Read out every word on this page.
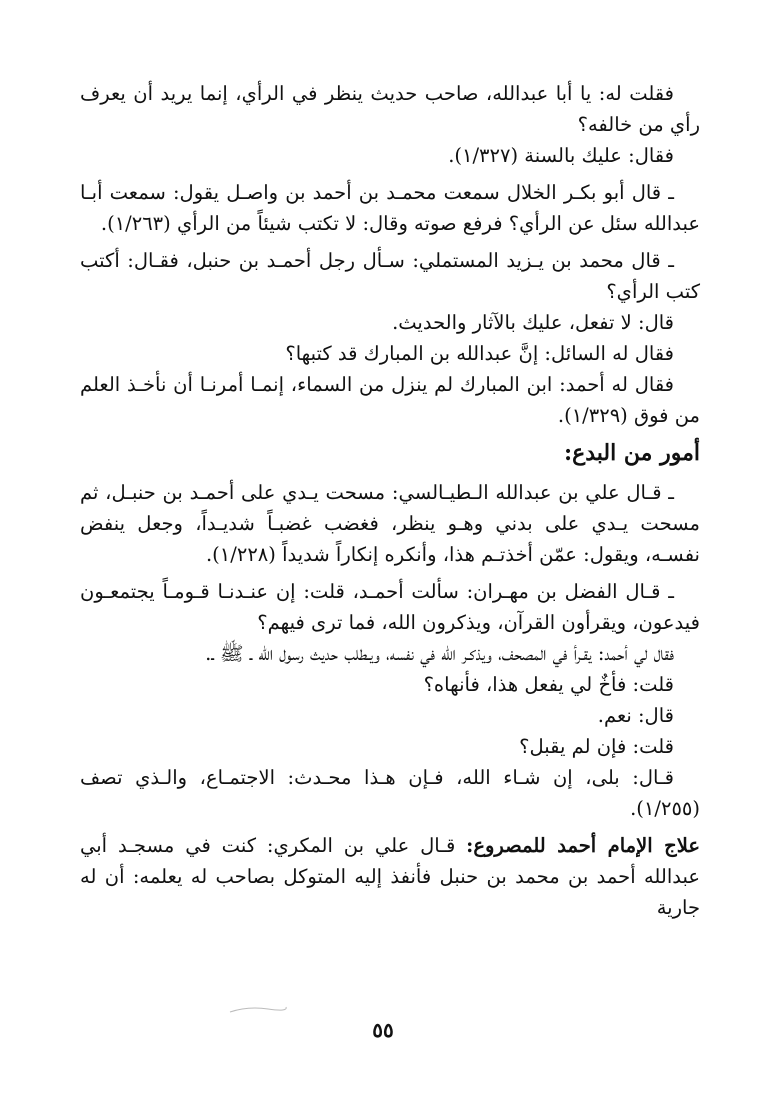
فقلت له: يا أبا عبدالله، صاحب حديث ينظر في الرأي، إنما يريد أن يعرف رأي من خالفه؟

فقال: عليك بالسنة (١/٣٢٧).

ـ قال أبو بكـر الخلال سمعت محمـد بن أحمد بن واصـل يقول: سمعت أبـا عبدالله سئل عن الرأي؟ فرفع صوته وقال: لا تكتب شيئاً من الرأي (١/٢٦٣).

ـ قال محمد بن يـزيد المستملي: سـأل رجل أحمـد بن حنبل، فقـال: أكتب كتب الرأي؟

قال: لا تفعل، عليك بالآثار والحديث.

فقال له السائل: إنَّ عبدالله بن المبارك قد كتبها؟

فقال له أحمد: ابن المبارك لم ينزل من السماء، إنمـا أمرنـا أن نأخـذ العلم من فوق (١/٣٢٩).

أمور من البدع:

ـ قـال علي بن عبدالله الـطيـالسي: مسحت يـدي على أحمـد بن حنبـل، ثم مسحت يـدي على بدني وهـو ينظر، فغضب غضبـاً شديـداً، وجعل ينفض نفسـه، ويقول: عمّن أخذتـم هذا، وأنكره إنكاراً شديداً (١/٢٢٨).

ـ قـال الفضل بن مهـران: سألت أحمـد، قلت: إن عنـدنـا قـومـاً يجتمعـون فيدعون، ويقرأون القرآن، ويذكرون الله، فما ترى فيهم؟

فقال لي أحمد: يقـرأ في المصحف، ويذكـر الله في نفسه، ويـطلب حديث رسول الله ـ ﷺ ـ.

قلت: فأخٌ لي يفعل هذا، فأنهاه؟

قال: نعم.

قلت: فإن لم يقبل؟

قـال: بلى، إن شـاء الله، فـإن هـذا محـدث: الاجتمـاع، والـذي تصف (١/٢٥٥).

علاج الإمام أحمد للمصروع: قـال علي بن المكري: كنت في مسجـد أبي عبدالله أحمد بن محمد بن حنبل فأنفذ إليه المتوكل بصاحب له يعلمه: أن له جارية

٥٥
